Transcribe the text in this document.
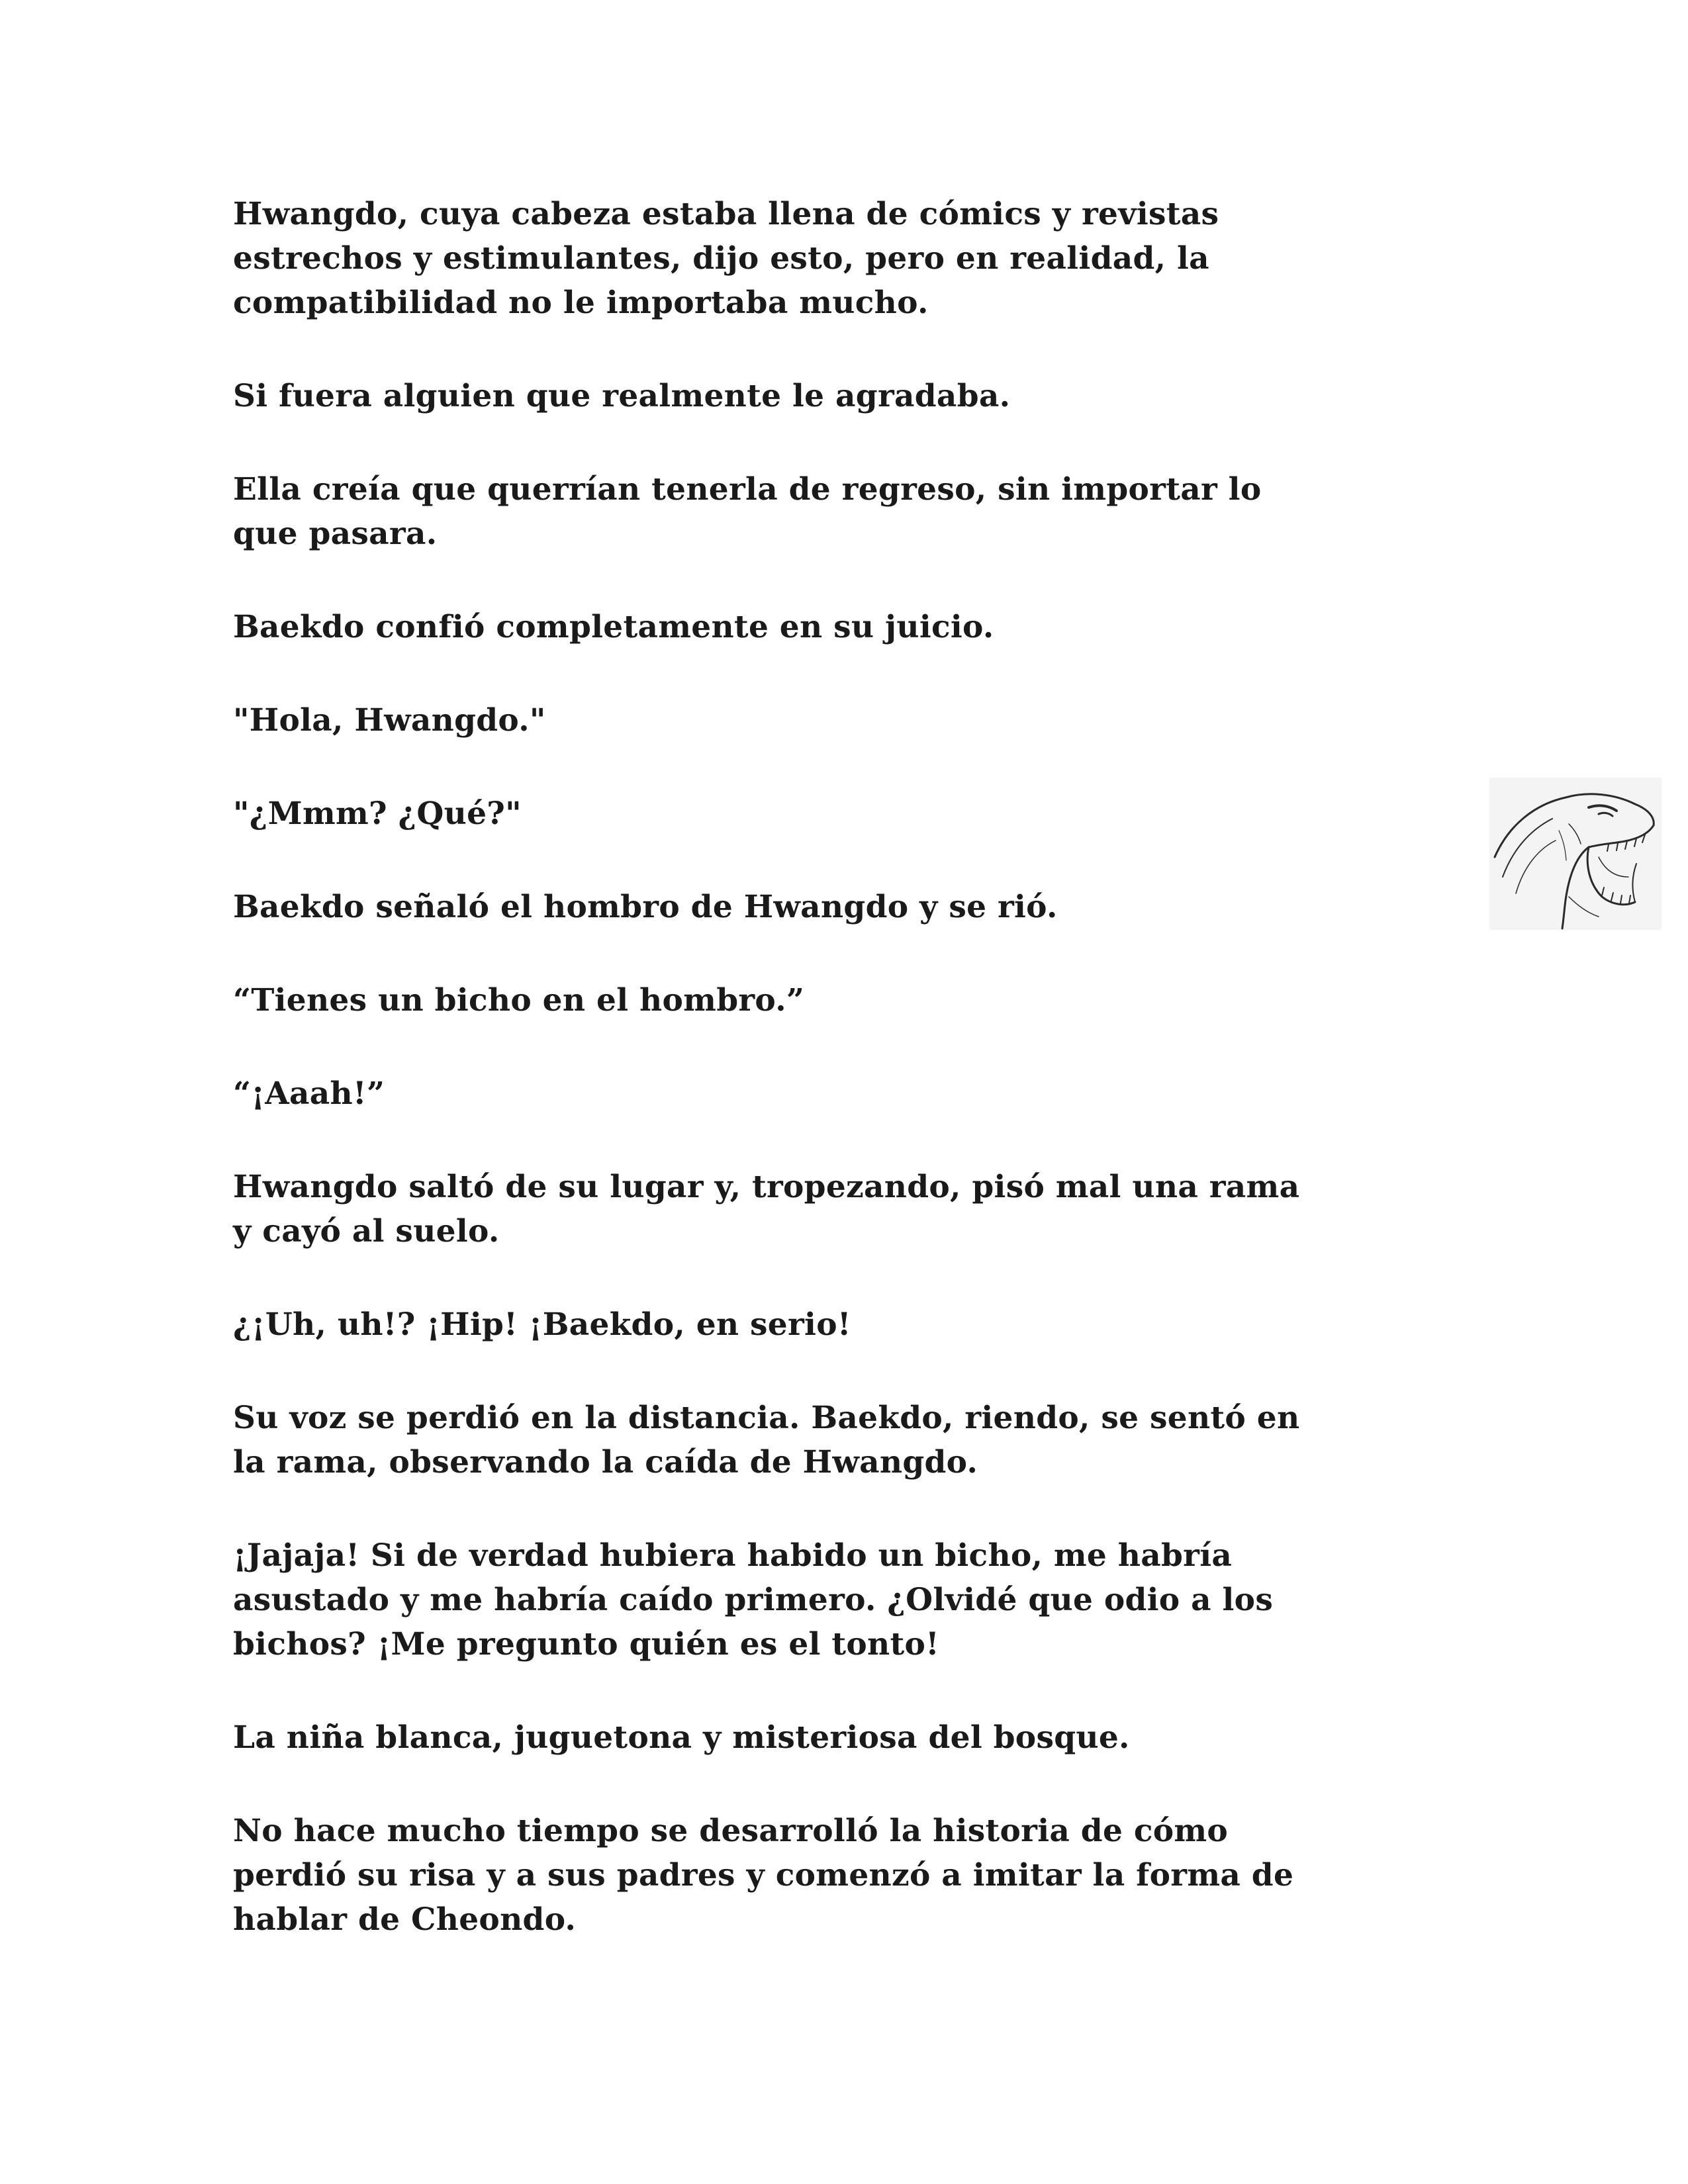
Hwangdo, cuya cabeza estaba llena de cómics y revistas
estrechos y estimulantes, dijo esto, pero en realidad, la
compatibilidad no le importaba mucho.

Si fuera alguien que realmente le agradaba.

Ella creía que querrían tenerla de regreso, sin importar lo
que pasara.

Baekdo confió completamente en su juicio.

"Hola, Hwangdo."

"¿Mmm? ¿Qué?"

Baekdo señaló el hombro de Hwangdo y se rió.

“Tienes un bicho en el hombro.”

“¡Aaah!”

Hwangdo saltó de su lugar y, tropezando, pisó mal una rama
y cayó al suelo.

¿¡Uh, uh!? ¡Hip! ¡Baekdo, en serio!

Su voz se perdió en la distancia. Baekdo, riendo, se sentó en
la rama, observando la caída de Hwangdo.

¡Jajaja! Si de verdad hubiera habido un bicho, me habría
asustado y me habría caído primero. ¿Olvidé que odio a los
bichos? ¡Me pregunto quién es el tonto!

La niña blanca, juguetona y misteriosa del bosque.

No hace mucho tiempo se desarrolló la historia de cómo
perdió su risa y a sus padres y comenzó a imitar la forma de
hablar de Cheondo.
